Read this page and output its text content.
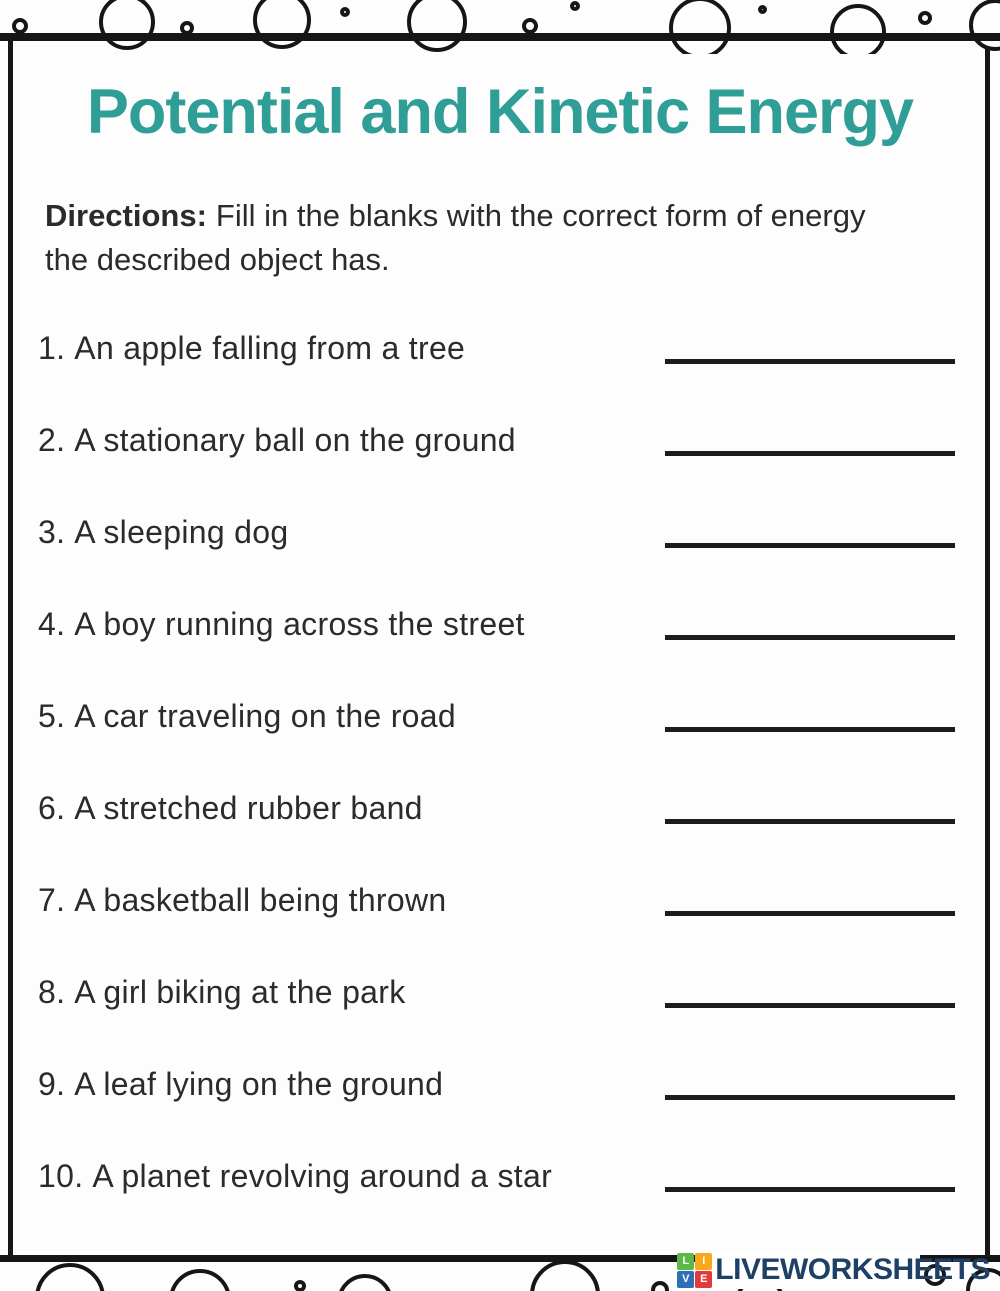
Potential and Kinetic Energy

Directions: Fill in the blanks with the correct form of energy the described object has.

1. An apple falling from a tree
2. A stationary ball on the ground
3. A sleeping dog
4. A boy running across the street
5. A car traveling on the road
6. A stretched rubber band
7. A basketball being thrown
8. A girl biking at the park
9. A leaf lying on the ground
10. A planet revolving around a star
L	I
V E LIVEWORKSHEETS
